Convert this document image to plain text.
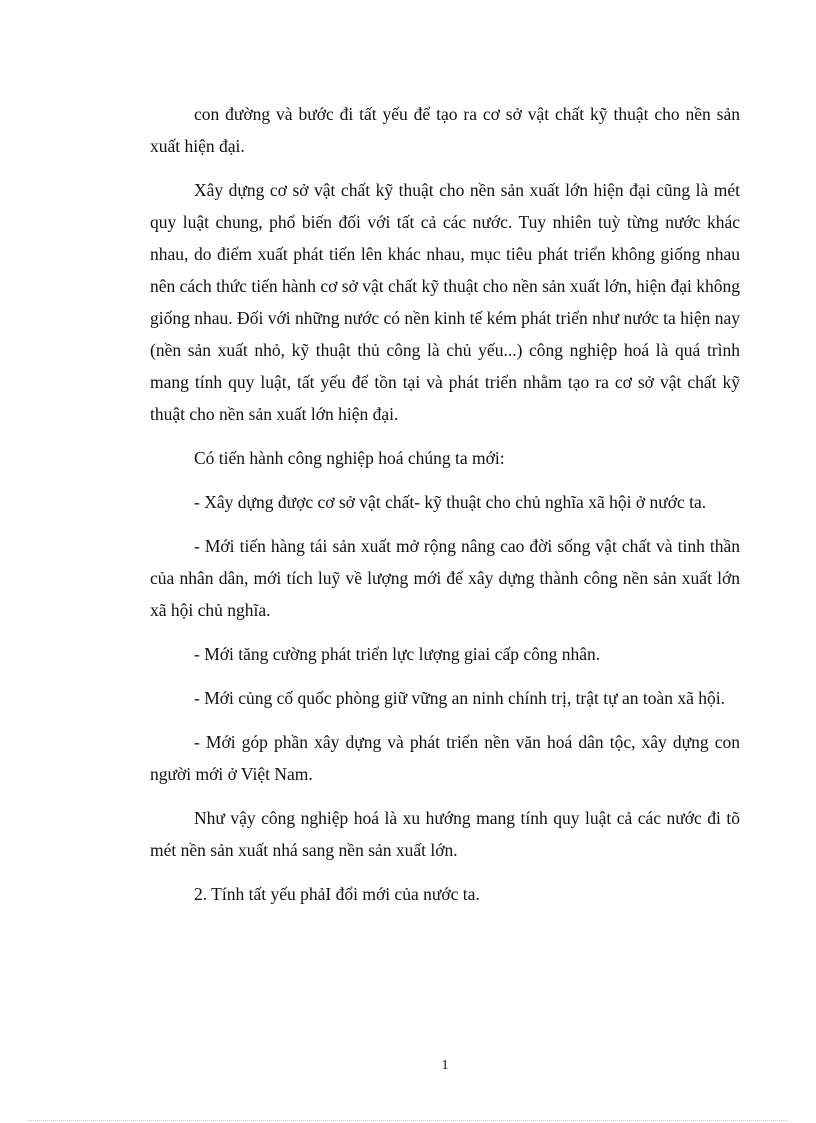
con đường và bước đi tất yếu để tạo ra cơ sở vật chất kỹ thuật cho nền sản xuất hiện đại.

Xây dựng cơ sở vật chất kỹ thuật cho nền sản xuất lớn hiện đại cũng là mét quy luật chung, phổ biến đối với tất cả các nước. Tuy nhiên tuỳ từng nước khác nhau, do điểm xuất phát tiến lên khác nhau, mục tiêu phát triển không giống nhau nên cách thức tiến hành cơ sở vật chất kỹ thuật cho nền sản xuất lớn, hiện đại không giống nhau. Đối với những nước có nền kinh tế kém phát triển như nước ta hiện nay (nền sản xuất nhỏ, kỹ thuật thủ công là chủ yếu...) công nghiệp hoá là quá trình mang tính quy luật, tất yếu để tồn tại và phát triển nhằm tạo ra cơ sở vật chất kỹ thuật cho nền sản xuất lớn hiện đại.

Có tiến hành công nghiệp hoá chúng ta mới:

- Xây dựng được cơ sở vật chất- kỹ thuật cho chủ nghĩa xã hội ở nước ta.

- Mới tiến hàng tái sản xuất mở rộng nâng cao đời sống vật chất và tinh thần của nhân dân, mới tích luỹ về lượng mới để xây dựng thành công nền sản xuất lớn xã hội chủ nghĩa.

- Mới tăng cường phát triển lực lượng giai cấp công nhân.

- Mới củng cố quốc phòng giữ vững an ninh chính trị, trật tự an toàn xã hội.

- Mới góp phần xây dựng và phát triển nền văn hoá dân tộc, xây dựng con người mới ở Việt Nam.

Như vậy công nghiệp hoá là xu hướng mang tính quy luật cả các nước đi tõ mét nền sản xuất nhá sang nền sản xuất lớn.

2. Tính tất yếu phảI đổi mới của nước ta.

1
